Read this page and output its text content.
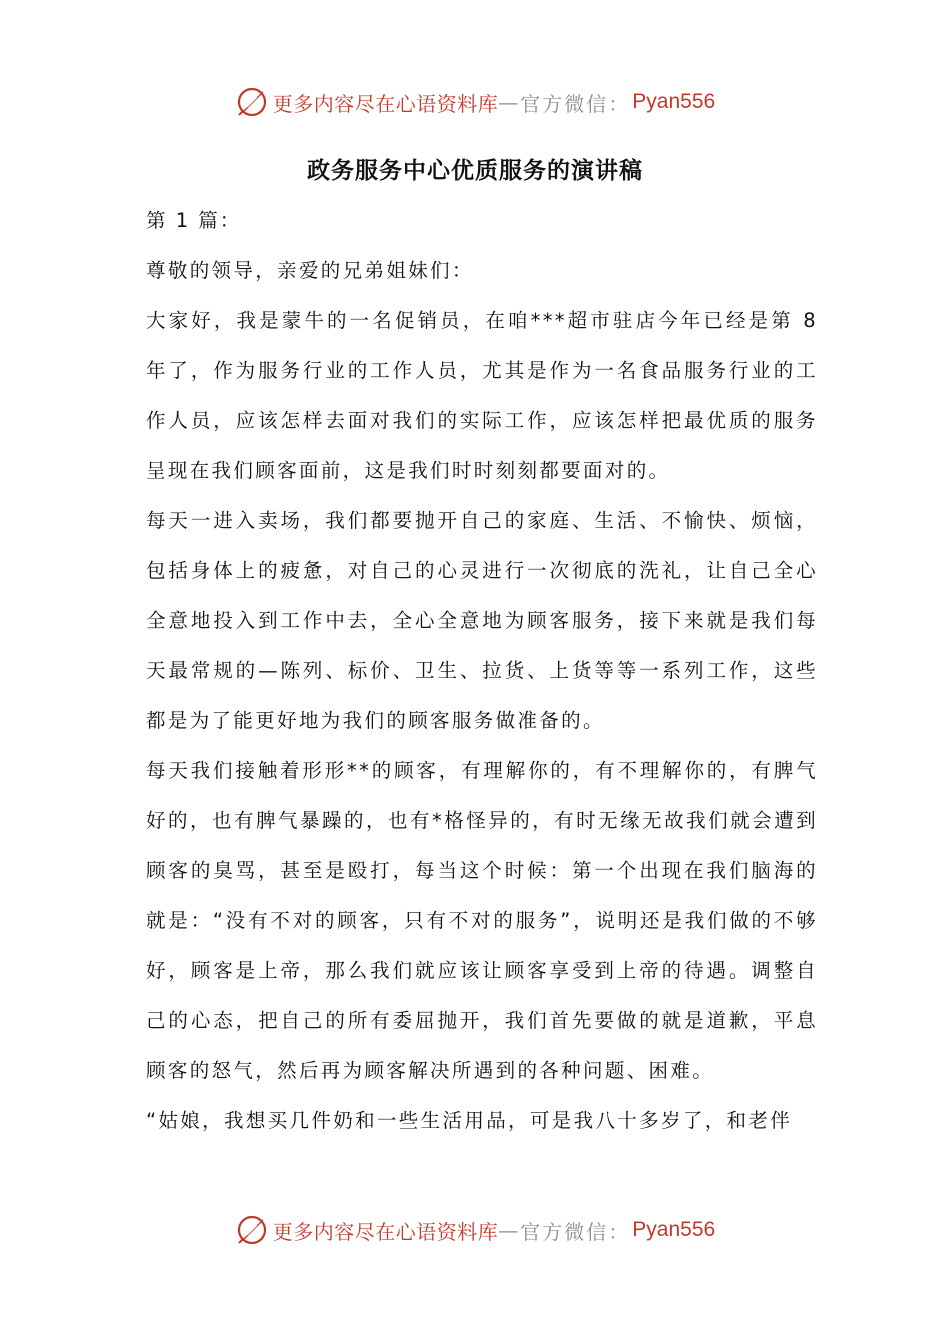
更多内容尽在心语资料库 — 官方微信： Pyan556
政务服务中心优质服务的演讲稿

第 1 篇：

尊敬的领导，亲爱的兄弟姐妹们：

大家好，我是蒙牛的一名促销员，在咱***超市驻店今年已经是第 8 年了，作为服务行业的工作人员，尤其是作为一名食品服务行业的工作人员，应该怎样去面对我们的实际工作，应该怎样把最优质的服务呈现在我们顾客面前，这是我们时时刻刻都要面对的。

每天一进入卖场，我们都要抛开自己的家庭、生活、不愉快、烦恼，包括身体上的疲惫，对自己的心灵进行一次彻底的洗礼，让自己全心全意地投入到工作中去，全心全意地为顾客服务，接下来就是我们每天最常规的—陈列、标价、卫生、拉货、上货等等一系列工作，这些都是为了能更好地为我们的顾客服务做准备的。

每天我们接触着形形**的顾客，有理解你的，有不理解你的，有脾气好的，也有脾气暴躁的，也有*格怪异的，有时无缘无故我们就会遭到顾客的臭骂，甚至是殴打，每当这个时候：第一个出现在我们脑海的就是：“没有不对的顾客，只有不对的服务”，说明还是我们做的不够好，顾客是上帝，那么我们就应该让顾客享受到上帝的待遇。调整自己的心态，把自己的所有委屈抛开，我们首先要做的就是道歉，平息顾客的怒气，然后再为顾客解决所遇到的各种问题、困难。

“姑娘，我想买几件奶和一些生活用品，可是我八十多岁了，和老伴

更多内容尽在心语资料库 — 官方微信： Pyan556
